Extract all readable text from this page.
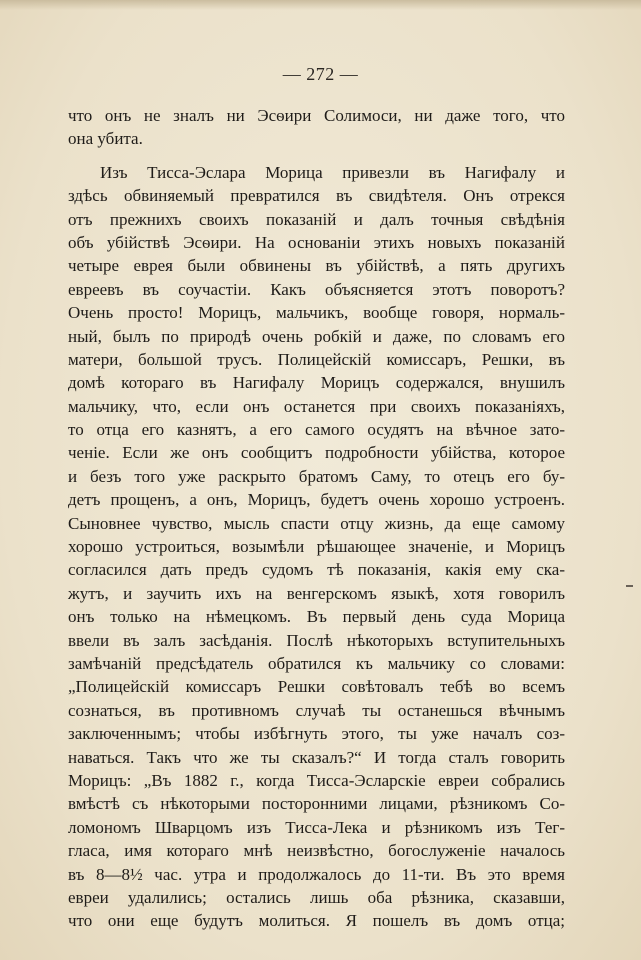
— 272 —
что онъ не зналъ ни Эсѳири Солимоси, ни даже того, что
она убита.
Изъ Тисса-Эслара Морица привезли въ Нагифалу и
здѣсь обвиняемый превратился въ свидѣтеля. Онъ отрекся
отъ прежнихъ своихъ показаній и далъ точныя свѣдѣнія
объ убійствѣ Эсѳири. На основаніи этихъ новыхъ показаній
четыре еврея были обвинены въ убійствѣ, а пять другихъ
евреевъ въ соучастіи. Какъ объясняется этотъ поворотъ?
Очень просто! Морицъ, мальчикъ, вообще говоря, нормаль-
ный, былъ по природѣ очень робкій и даже, по словамъ его
матери, большой трусъ. Полицейскій комиссаръ, Решки, въ
домѣ котораго въ Нагифалу Морицъ содержался, внушилъ
мальчику, что, если онъ останется при своихъ показаніяхъ,
то отца его казнятъ, а его самого осудятъ на вѣчное зато-
ченіе. Если же онъ сообщитъ подробности убійства, которое
и безъ того уже раскрыто братомъ Саму, то отецъ его бу-
детъ прощенъ, а онъ, Морицъ, будетъ очень хорошо устроенъ.
Сыновнее чувство, мысль спасти отцу жизнь, да еще самому
хорошо устроиться, возымѣли рѣшающее значеніе, и Морицъ
согласился дать предъ судомъ тѣ показанія, какія ему ска-
жутъ, и заучить ихъ на венгерскомъ языкѣ, хотя говорилъ
онъ только на нѣмецкомъ. Въ первый день суда Морица
ввели въ залъ засѣданія. Послѣ нѣкоторыхъ вступительныхъ
замѣчаній предсѣдатель обратился къ мальчику со словами:
„Полицейскій комиссаръ Решки совѣтовалъ тебѣ во всемъ
сознаться, въ противномъ случаѣ ты останешься вѣчнымъ
заключеннымъ; чтобы избѣгнуть этого, ты уже началъ соз-
наваться. Такъ что же ты сказалъ?“ И тогда сталъ говорить
Морицъ: „Въ 1882 г., когда Тисса-Эсларскіе евреи собрались
вмѣстѣ съ нѣкоторыми посторонними лицами, рѣзникомъ Со-
ломономъ Шварцомъ изъ Тисса-Лека и рѣзникомъ изъ Тег-
гласа, имя котораго мнѣ неизвѣстно, богослуженіе началось
въ 8—8½ час. утра и продолжалось до 11-ти. Въ это время
евреи удалились; остались лишь оба рѣзника, сказавши,
что они еще будутъ молиться. Я пошелъ въ домъ отца;
